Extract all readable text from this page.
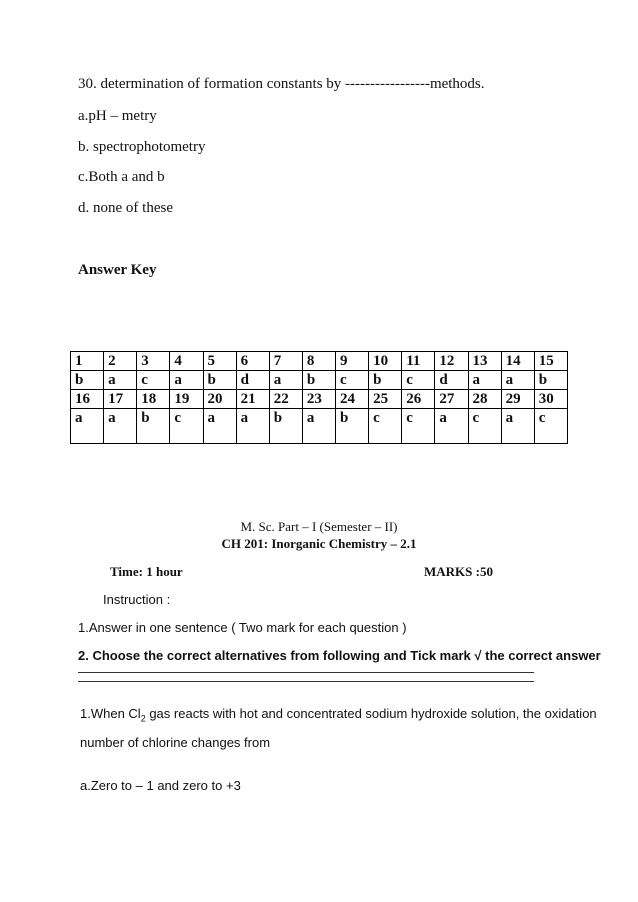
30. determination of formation constants by -----------------methods.
a.pH – metry
b. spectrophotometry
c.Both a and b
d. none of these
Answer Key
1	2	3	4	5	6	7	8	9	10	11	12	13	14	15
b	a	c	a	b	d	a	b	c	b	c	d	a	a	b
16	17	18	19	20	21	22	23	24	25	26	27	28	29	30
a	a	b	c	a	a	b	a	b	c	c	a	c	a	c
M. Sc. Part – I (Semester – II)
CH 201: Inorganic Chemistry – 2.1
Time: 1 hour	MARKS :50
Instruction :
1.Answer in one sentence ( Two mark for each question )
2. Choose the correct alternatives from following and Tick mark √ the correct answer
1.When $Cl_2$ gas reacts with hot and concentrated sodium hydroxide solution, the oxidation
number of chlorine changes from
a.Zero to – 1 and zero to +3
